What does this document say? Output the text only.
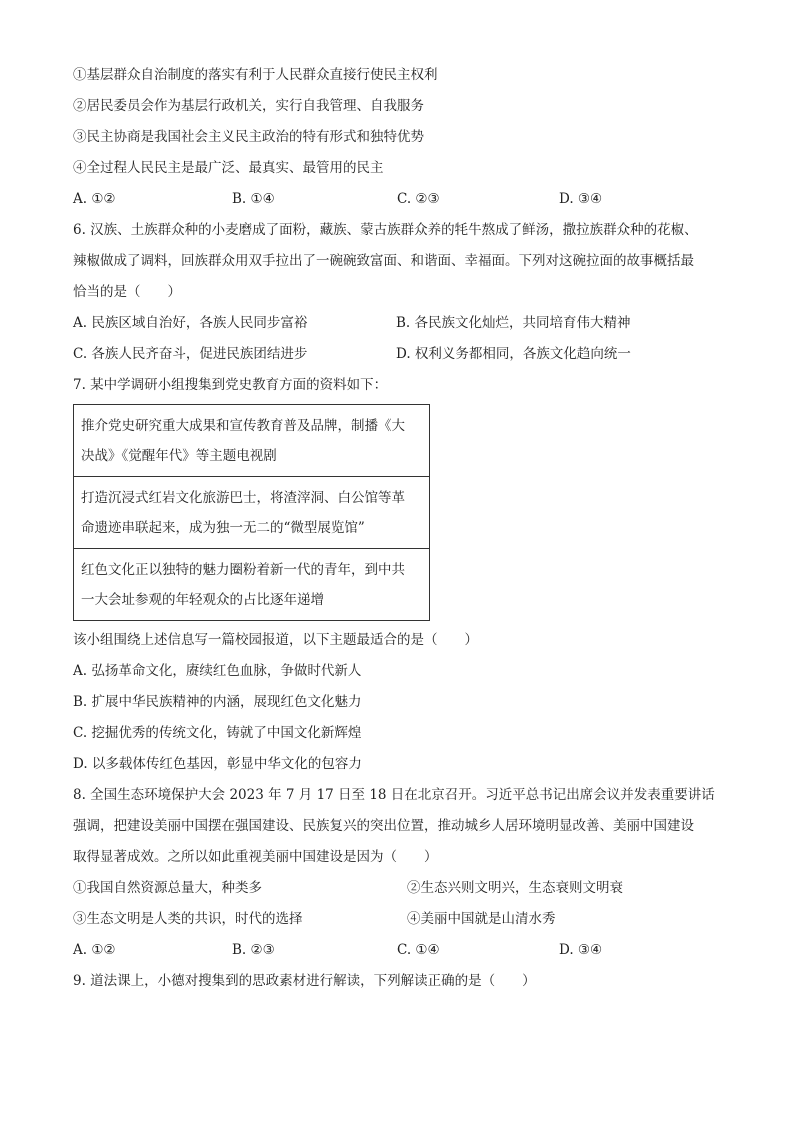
①基层群众自治制度的落实有利于人民群众直接行使民主权利
②居民委员会作为基层行政机关，实行自我管理、自我服务
③民主协商是我国社会主义民主政治的特有形式和独特优势
④全过程人民民主是最广泛、最真实、最管用的民主
A. ①②	B. ①④	C. ②③	D. ③④
6. 汉族、土族群众种的小麦磨成了面粉，藏族、蒙古族群众养的牦牛熬成了鲜汤，撒拉族群众种的花椒、
辣椒做成了调料，回族群众用双手拉出了一碗碗致富面、和谐面、幸福面。下列对这碗拉面的故事概括最
恰当的是（　　）
A. 民族区域自治好，各族人民同步富裕	B. 各民族文化灿烂，共同培育伟大精神
C. 各族人民齐奋斗，促进民族团结进步	D. 权利义务都相同，各族文化趋向统一
7. 某中学调研小组搜集到党史教育方面的资料如下：
推介党史研究重大成果和宣传教育普及品牌，制播《大
决战》《觉醒年代》等主题电视剧

打造沉浸式红岩文化旅游巴士，将渣滓洞、白公馆等革
命遗迹串联起来，成为独一无二的“微型展览馆”

红色文化正以独特的魅力圈粉着新一代的青年，到中共
一大会址参观的年轻观众的占比逐年递增
该小组围绕上述信息写一篇校园报道，以下主题最适合的是（　　）
A. 弘扬革命文化，赓续红色血脉，争做时代新人
B. 扩展中华民族精神的内涵，展现红色文化魅力
C. 挖掘优秀的传统文化，铸就了中国文化新辉煌
D. 以多载体传红色基因，彰显中华文化的包容力
8. 全国生态环境保护大会 2023 年 7 月 17 日至 18 日在北京召开。习近平总书记出席会议并发表重要讲话
强调，把建设美丽中国摆在强国建设、民族复兴的突出位置，推动城乡人居环境明显改善、美丽中国建设
取得显著成效。之所以如此重视美丽中国建设是因为（　　）
①我国自然资源总量大，种类多	②生态兴则文明兴，生态衰则文明衰
③生态文明是人类的共识，时代的选择	④美丽中国就是山清水秀
A. ①②	B. ②③	C. ①④	D. ③④
9. 道法课上，小德对搜集到的思政素材进行解读，下列解读正确的是（　　）
